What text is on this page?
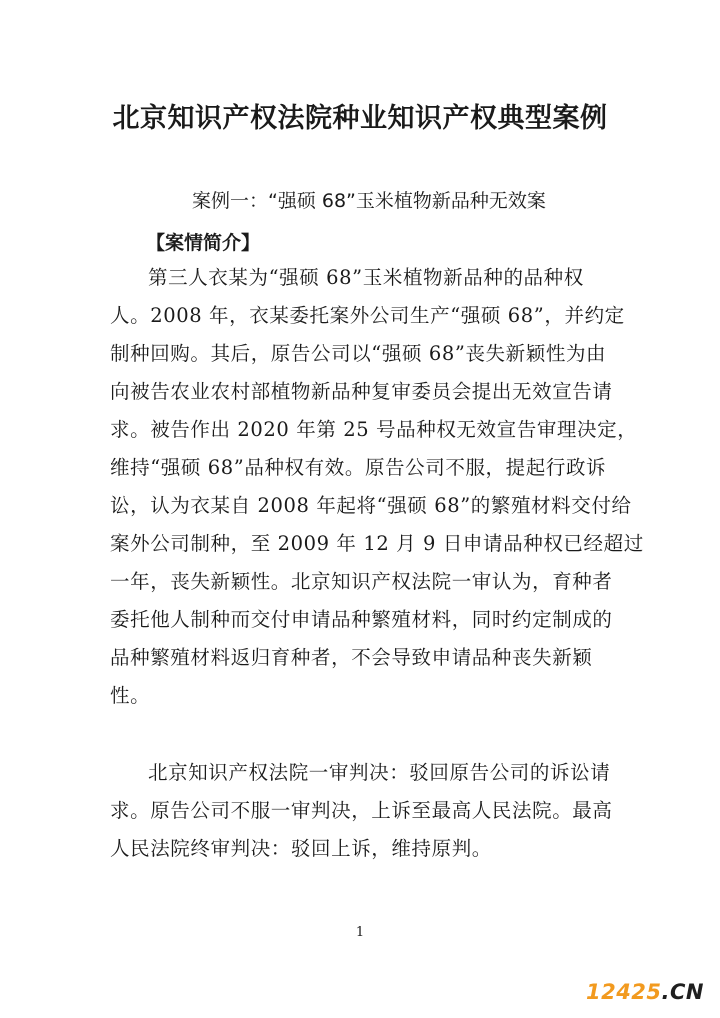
北京知识产权法院种业知识产权典型案例
案例一：“强硕 68”玉米植物新品种无效案
【案情简介】
第三人衣某为“强硕 68”玉米植物新品种的品种权
人。2008 年，衣某委托案外公司生产“强硕 68”，并约定
制种回购。其后，原告公司以“强硕 68”丧失新颖性为由
向被告农业农村部植物新品种复审委员会提出无效宣告请
求。被告作出 2020 年第 25 号品种权无效宣告审理决定，
维持“强硕 68”品种权有效。原告公司不服，提起行政诉
讼，认为衣某自 2008 年起将“强硕 68”的繁殖材料交付给
案外公司制种，至 2009 年 12 月 9 日申请品种权已经超过
一年，丧失新颖性。北京知识产权法院一审认为，育种者
委托他人制种而交付申请品种繁殖材料，同时约定制成的
品种繁殖材料返归育种者，不会导致申请品种丧失新颖
性。
北京知识产权法院一审判决：驳回原告公司的诉讼请
求。原告公司不服一审判决，上诉至最高人民法院。最高
人民法院终审判决：驳回上诉，维持原判。
1
12425.CN
